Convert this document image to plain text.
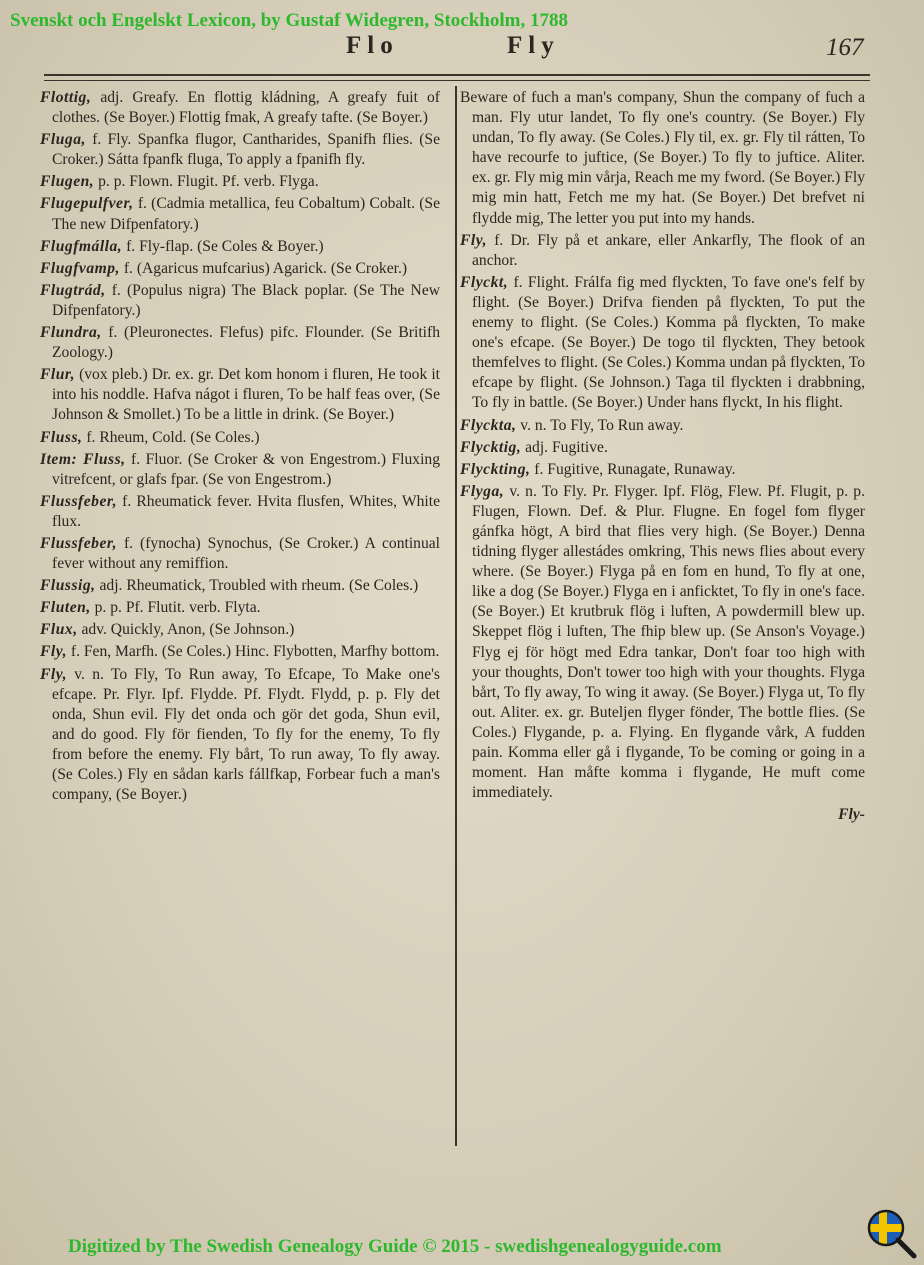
Svenskt och Engelskt Lexicon, by Gustaf Widegren, Stockholm, 1788
Flo	Fly	167
Flottig, adj. Greafy. En flottig kládning, A greafy fuit of clothes. (Se Boyer.) Flottig fmak, A greafy tafte. (Se Boyer.)
Fluga, f. Fly. Spanfka flugor, Cantharides, Spanifh flies. (Se Croker.) Sátta fpanfk fluga, To apply a fpanifh fly.
Flugen, p. p. Flown. Flugit. Pf. verb. Flyga.
Flugepulfver, f. (Cadmia metallica, feu Cobaltum) Cobalt. (Se The new Difpenfatory.)
Flugfmálla, f. Fly-flap. (Se Coles & Boyer.)
Flugfvamp, f. (Agaricus mufcarius) Agarick. (Se Croker.)
Flugtrád, f. (Populus nigra) The Black poplar. (Se The New Difpenfatory.)
Flundra, f. (Pleuronectes. Flefus) pifc. Flounder. (Se Britifh Zoology.)
Flur, (vox pleb.) Dr. ex. gr. Det kom honom i fluren, He took it into his noddle. Hafva nágot i fluren, To be half feas over, (Se Johnson & Smollet.) To be a little in drink. (Se Boyer.)
Fluss, f. Rheum, Cold. (Se Coles.)
Item: Fluss, f. Fluor. (Se Croker & von Engestrom.) Fluxing vitrefcent, or glafs fpar. (Se von Engestrom.)
Flussfeber, f. Rheumatick fever. Hvita flusfen, Whites, White flux.
Flussfeber, f. (fynocha) Synochus, (Se Croker.) A continual fever without any remiffion.
Flussig, adj. Rheumatick, Troubled with rheum. (Se Coles.)
Fluten, p. p. Pf. Flutit. verb. Flyta.
Flux, adv. Quickly, Anon, (Se Johnson.)
Fly, f. Fen, Marfh. (Se Coles.) Hinc. Flybotten, Marfhy bottom.
Fly, v. n. To Fly, To Run away, To Efcape, To Make one's efcape. Pr. Flyr. Ipf. Flydde. Pf. Flydt. Flydd, p. p. Fly det onda, Shun evil. Fly det onda och gör det goda, Shun evil, and do good. Fly för fienden, To fly for the enemy, To fly from before the enemy. Fly bårt, To run away, To fly away. (Se Coles.) Fly en sådan karls fállfkap, Forbear fuch a man's company, (Se Boyer.)
Beware of fuch a man's company, Shun the company of fuch a man. Fly utur landet, To fly one's country. (Se Boyer.) Fly undan, To fly away. (Se Coles.) Fly til, ex. gr. Fly til rátten, To have recourfe to juftice, (Se Boyer.) To fly to juftice. Aliter. ex. gr. Fly mig min vårja, Reach me my fword. (Se Boyer.) Fly mig min hatt, Fetch me my hat. (Se Boyer.) Det brefvet ni flydde mig, The letter you put into my hands.
Fly, f. Dr. Fly på et ankare, eller Ankarfly, The flook of an anchor.
Flyckt, f. Flight. Frálfa fig med flyckten, To fave one's felf by flight. (Se Boyer.) Drifva fienden på flyckten, To put the enemy to flight. (Se Coles.) Komma på flyckten, To make one's efcape. (Se Boyer.) De togo til flyckten, They betook themfelves to flight. (Se Coles.) Komma undan på flyckten, To efcape by flight. (Se Johnson.) Taga til flyckten i drabbning, To fly in battle. (Se Boyer.) Under hans flyckt, In his flight.
Flyckta, v. n. To Fly, To Run away.
Flycktig, adj. Fugitive.
Flyckting, f. Fugitive, Runagate, Runaway.
Flyga, v. n. To Fly. Pr. Flyger. Ipf. Flög, Flew. Pf. Flugit, p. p. Flugen, Flown. Def. & Plur. Flugne. En fogel fom flyger gánfka högt, A bird that flies very high. (Se Boyer.) Denna tidning flyger allestádes omkring, This news flies about every where. (Se Boyer.) Flyga på en fom en hund, To fly at one, like a dog (Se Boyer.) Flyga en i anficktet, To fly in one's face. (Se Boyer.) Et krutbruk flög i luften, A powdermill blew up. Skeppet flög i luften, The fhip blew up. (Se Anson's Voyage.) Flyg ej för högt med Edra tankar, Don't foar too high with your thoughts, Don't tower too high with your thoughts. Flyga bårt, To fly away, To wing it away. (Se Boyer.) Flyga ut, To fly out. Aliter. ex. gr. Buteljen flyger fönder, The bottle flies. (Se Coles.) Flygande, p. a. Flying. En flygande vårk, A fudden pain. Komma eller gå i flygande, To be coming or going in a moment. Han måfte komma i flygande, He muft come immediately.
Fly-
Digitized by The Swedish Genealogy Guide © 2015 - swedishgenealogyguide.com
